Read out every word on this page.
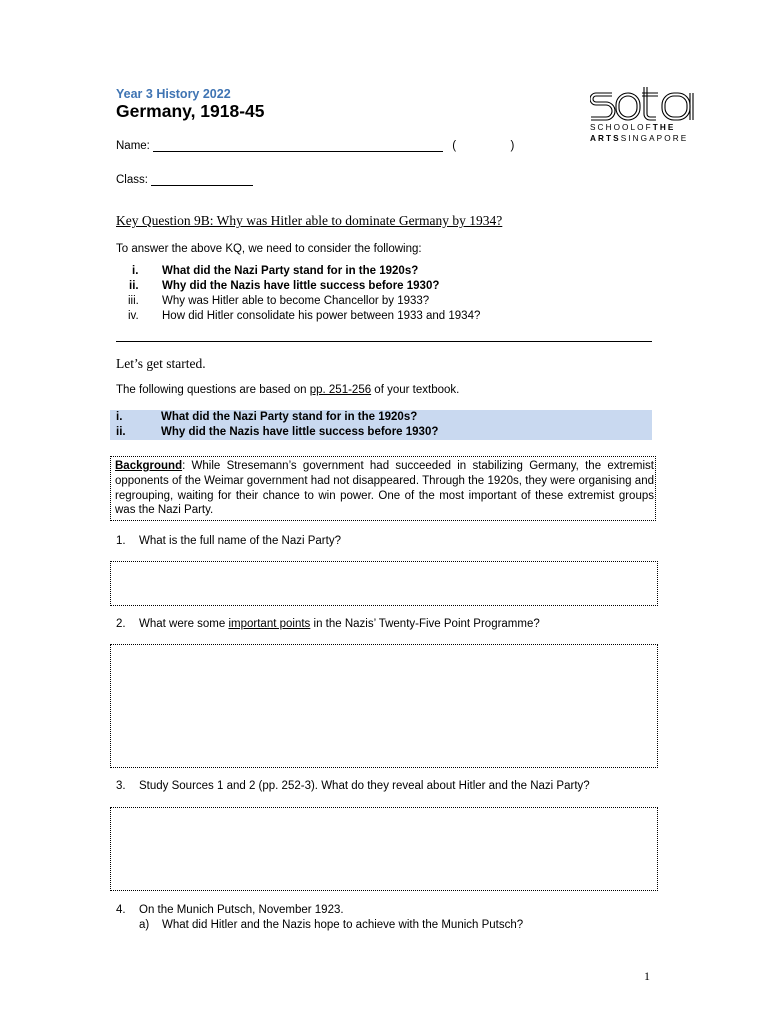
Year 3 History 2022
Germany, 1918-45
SCHOOLOFTHE
ARTSSINGAPORE
Name:	(	)
Class:
Key Question 9B: Why was Hitler able to dominate Germany by 1934?
To answer the above KQ, we need to consider the following:
i. What did the Nazi Party stand for in the 1920s?
ii. Why did the Nazis have little success before 1930?
iii. Why was Hitler able to become Chancellor by 1933?
iv. How did Hitler consolidate his power between 1933 and 1934?
Let’s get started.
The following questions are based on pp. 251-256 of your textbook.
i.	What did the Nazi Party stand for in the 1920s?
ii.	Why did the Nazis have little success before 1930?
Background: While Stresemann’s government had succeeded in stabilizing Germany, the extremist opponents of the Weimar government had not disappeared. Through the 1920s, they were organising and regrouping, waiting for their chance to win power. One of the most important of these extremist groups was the Nazi Party.
1. What is the full name of the Nazi Party?
2. What were some important points in the Nazis’ Twenty-Five Point Programme?
3. Study Sources 1 and 2 (pp. 252-3). What do they reveal about Hitler and the Nazi Party?
4. On the Munich Putsch, November 1923.
a) What did Hitler and the Nazis hope to achieve with the Munich Putsch?
1
